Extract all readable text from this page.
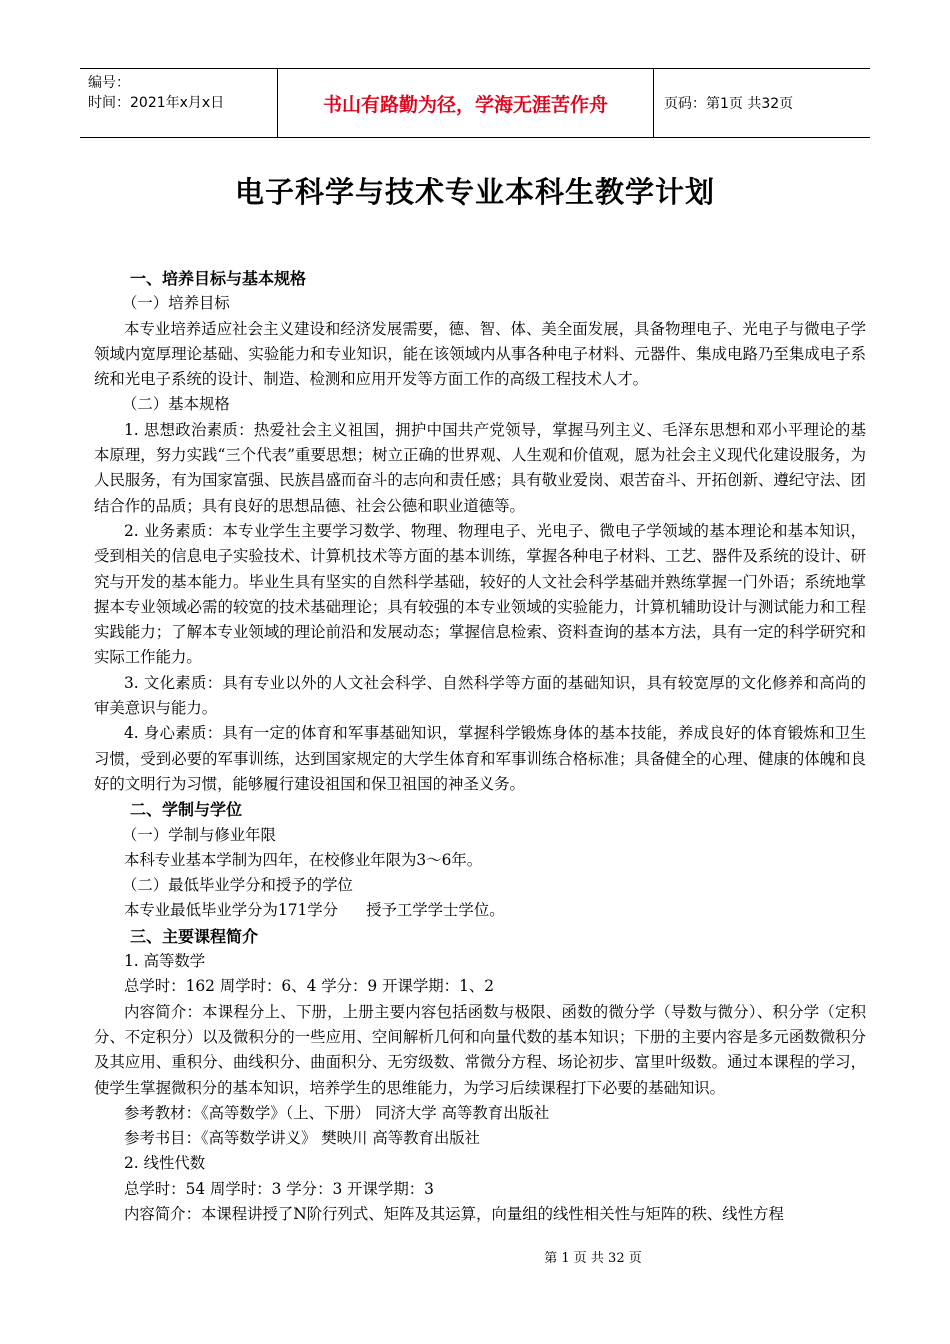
编号：
时间：2021年x月x日	书山有路勤为径，学海无涯苦作舟	页码：第1页 共32页
电子科学与技术专业本科生教学计划

一、培养目标与基本规格

（一）培养目标

本专业培养适应社会主义建设和经济发展需要，德、智、体、美全面发展，具备物理电子、光电子与微电子学领域内宽厚理论基础、实验能力和专业知识，能在该领域内从事各种电子材料、元器件、集成电路乃至集成电子系统和光电子系统的设计、制造、检测和应用开发等方面工作的高级工程技术人才。

（二）基本规格

1. 思想政治素质：热爱社会主义祖国，拥护中国共产党领导，掌握马列主义、毛泽东思想和邓小平理论的基本原理，努力实践“三个代表”重要思想；树立正确的世界观、人生观和价值观，愿为社会主义现代化建设服务，为人民服务，有为国家富强、民族昌盛而奋斗的志向和责任感；具有敬业爱岗、艰苦奋斗、开拓创新、遵纪守法、团结合作的品质；具有良好的思想品德、社会公德和职业道德等。

2. 业务素质：本专业学生主要学习数学、物理、物理电子、光电子、微电子学领域的基本理论和基本知识，受到相关的信息电子实验技术、计算机技术等方面的基本训练，掌握各种电子材料、工艺、器件及系统的设计、研究与开发的基本能力。毕业生具有坚实的自然科学基础，较好的人文社会科学基础并熟练掌握一门外语；系统地掌握本专业领域必需的较宽的技术基础理论；具有较强的本专业领域的实验能力，计算机辅助设计与测试能力和工程实践能力；了解本专业领域的理论前沿和发展动态；掌握信息检索、资料查询的基本方法，具有一定的科学研究和实际工作能力。

3. 文化素质：具有专业以外的人文社会科学、自然科学等方面的基础知识，具有较宽厚的文化修养和高尚的审美意识与能力。

4. 身心素质：具有一定的体育和军事基础知识，掌握科学锻炼身体的基本技能，养成良好的体育锻炼和卫生习惯，受到必要的军事训练，达到国家规定的大学生体育和军事训练合格标准；具备健全的心理、健康的体魄和良好的文明行为习惯，能够履行建设祖国和保卫祖国的神圣义务。

二、学制与学位

（一）学制与修业年限

本科专业基本学制为四年，在校修业年限为3～6年。

（二）最低毕业学分和授予的学位

本专业最低毕业学分为171学分 授予工学学士学位。

三、主要课程简介

1. 高等数学

总学时：162 周学时：6、4 学分：9 开课学期：1、2

内容简介：本课程分上、下册，上册主要内容包括函数与极限、函数的微分学（导数与微分）、积分学（定积分、不定积分）以及微积分的一些应用、空间解析几何和向量代数的基本知识；下册的主要内容是多元函数微积分及其应用、重积分、曲线积分、曲面积分、无穷级数、常微分方程、场论初步、富里叶级数。通过本课程的学习，使学生掌握微积分的基本知识，培养学生的思维能力，为学习后续课程打下必要的基础知识。

参考教材：《高等数学》（上、下册） 同济大学 高等教育出版社

参考书目：《高等数学讲义》 樊映川 高等教育出版社

2. 线性代数

总学时：54 周学时：3 学分：3 开课学期：3

内容简介：本课程讲授了N阶行列式、矩阵及其运算，向量组的线性相关性与矩阵的秩、线性方程

第 1 页 共 32 页
